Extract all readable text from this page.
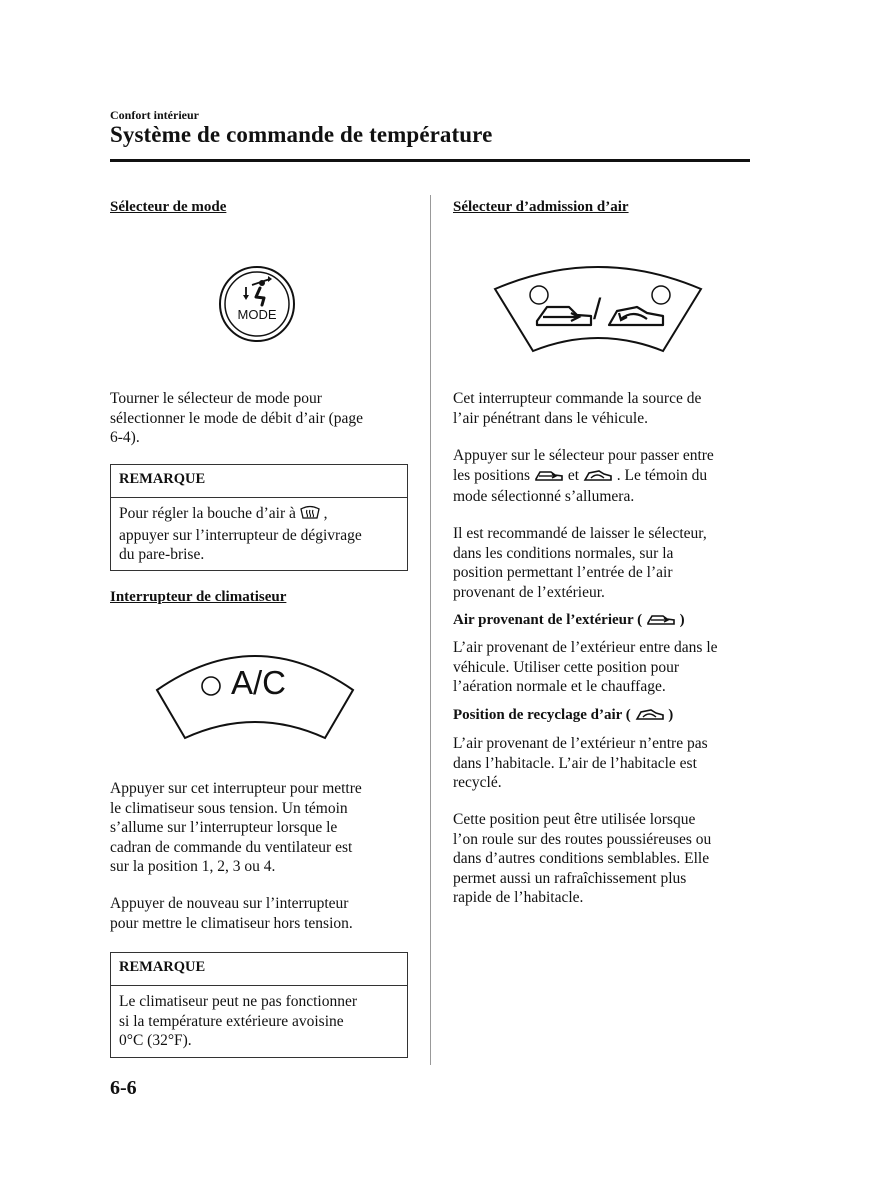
Confort intérieur
Système de commande de température
Sélecteur de mode
MODE
Tourner le sélecteur de mode pour
sélectionner le mode de débit d’air (page
6-4).
REMARQUE
Pour régler la bouche d’air à ,
appuyer sur l’interrupteur de dégivrage
du pare-brise.
Interrupteur de climatiseur
A/C
Appuyer sur cet interrupteur pour mettre
le climatiseur sous tension. Un témoin
s’allume sur l’interrupteur lorsque le
cadran de commande du ventilateur est
sur la position 1, 2, 3 ou 4.
Appuyer de nouveau sur l’interrupteur
pour mettre le climatiseur hors tension.
REMARQUE
Le climatiseur peut ne pas fonctionner
si la température extérieure avoisine
0°C (32°F).
Sélecteur d’admission d’air
/
Cet interrupteur commande la source de
l’air pénétrant dans le véhicule.
Appuyer sur le sélecteur pour passer entre
les positions et . Le témoin du
mode sélectionné s’allumera.
Il est recommandé de laisser le sélecteur,
dans les conditions normales, sur la
position permettant l’entrée de l’air
provenant de l’extérieur.
Air provenant de l’extérieur (	)
L’air provenant de l’extérieur entre dans le
véhicule. Utiliser cette position pour
l’aération normale et le chauffage.
Position de recyclage d’air (	)
L’air provenant de l’extérieur n’entre pas
dans l’habitacle. L’air de l’habitacle est
recyclé.
Cette position peut être utilisée lorsque
l’on roule sur des routes poussiéreuses ou
dans d’autres conditions semblables. Elle
permet aussi un rafraîchissement plus
rapide de l’habitacle.
6-6
